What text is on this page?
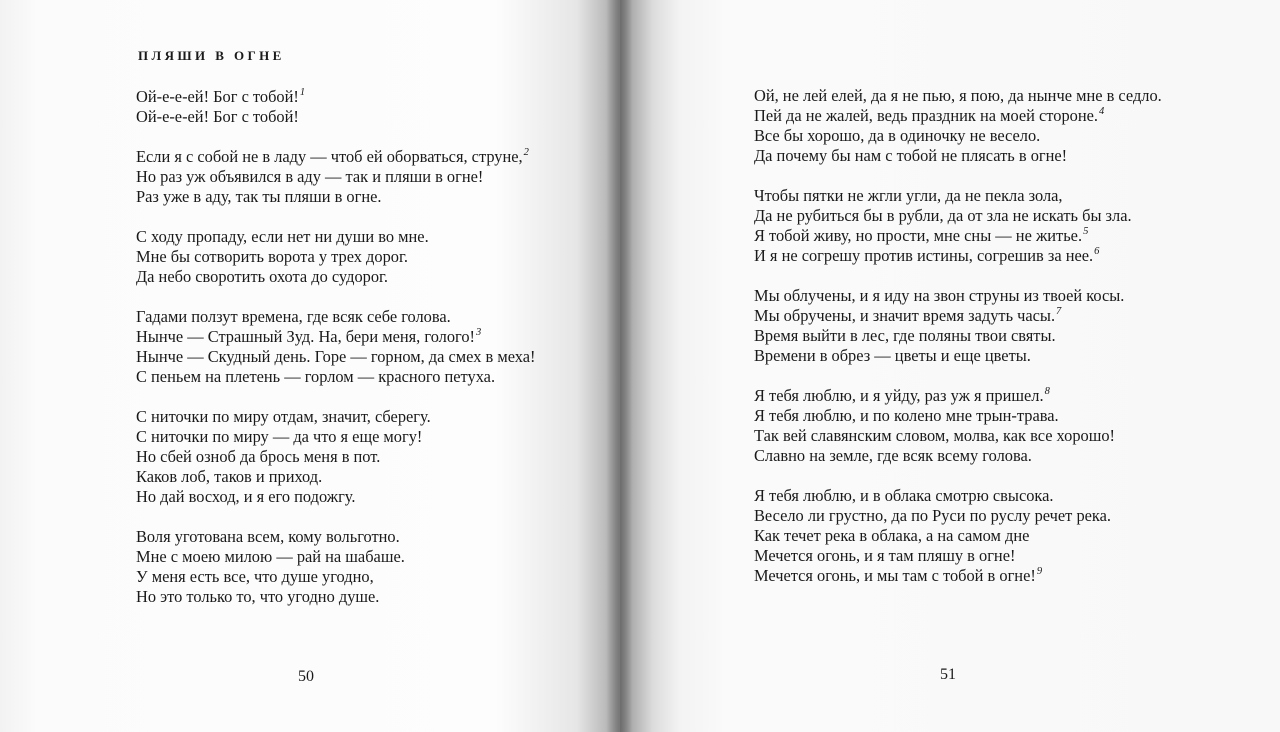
ПЛЯШИ В ОГНЕ
Ой-е-е-ей! Бог с тобой!$^1$
Ой-е-е-ей! Бог с тобой!
Если я с собой не в ладу — чтоб ей оборваться, струне,$^2$
Но раз уж объявился в аду — так и пляши в огне!
Раз уже в аду, так ты пляши в огне.
С ходу пропаду, если нет ни души во мне.
Мне бы сотворить ворота у трех дорог.
Да небо своротить охота до судорог.
Гадами ползут времена, где всяк себе голова.
Нынче — Страшный Зуд. На, бери меня, голого!$^3$
Нынче — Скудный день. Горе — горном, да смех в меха!
С пеньем на плетень — горлом — красного петуха.
С ниточки по миру отдам, значит, сберегу.
С ниточки по миру — да что я еще могу!
Но сбей озноб да брось меня в пот.
Каков лоб, таков и приход.
Но дай восход, и я его подожгу.
Воля уготована всем, кому вольготно.
Мне с моею милою — рай на шабаше.
У меня есть все, что душе угодно,
Но это только то, что угодно душе.
50
Ой, не лей елей, да я не пью, я пою, да нынче мне в седло.
Пей да не жалей, ведь праздник на моей стороне.$^4$
Все бы хорошо, да в одиночку не весело.
Да почему бы нам с тобой не плясать в огне!
Чтобы пятки не жгли угли, да не пекла зола,
Да не рубиться бы в рубли, да от зла не искать бы зла.
Я тобой живу, но прости, мне сны — не житье.$^5$
И я не согрешу против истины, согрешив за нее.$^6$
Мы облучены, и я иду на звон струны из твоей косы.
Мы обручены, и значит время задуть часы.$^7$
Время выйти в лес, где поляны твои святы.
Времени в обрез — цветы и еще цветы.
Я тебя люблю, и я уйду, раз уж я пришел.$^8$
Я тебя люблю, и по колено мне трын-трава.
Так вей славянским словом, молва, как все хорошо!
Славно на земле, где всяк всему голова.
Я тебя люблю, и в облака смотрю свысока.
Весело ли грустно, да по Руси по руслу речет река.
Как течет река в облака, а на самом дне
Мечется огонь, и я там пляшу в огне!
Мечется огонь, и мы там с тобой в огне!$^9$
51
